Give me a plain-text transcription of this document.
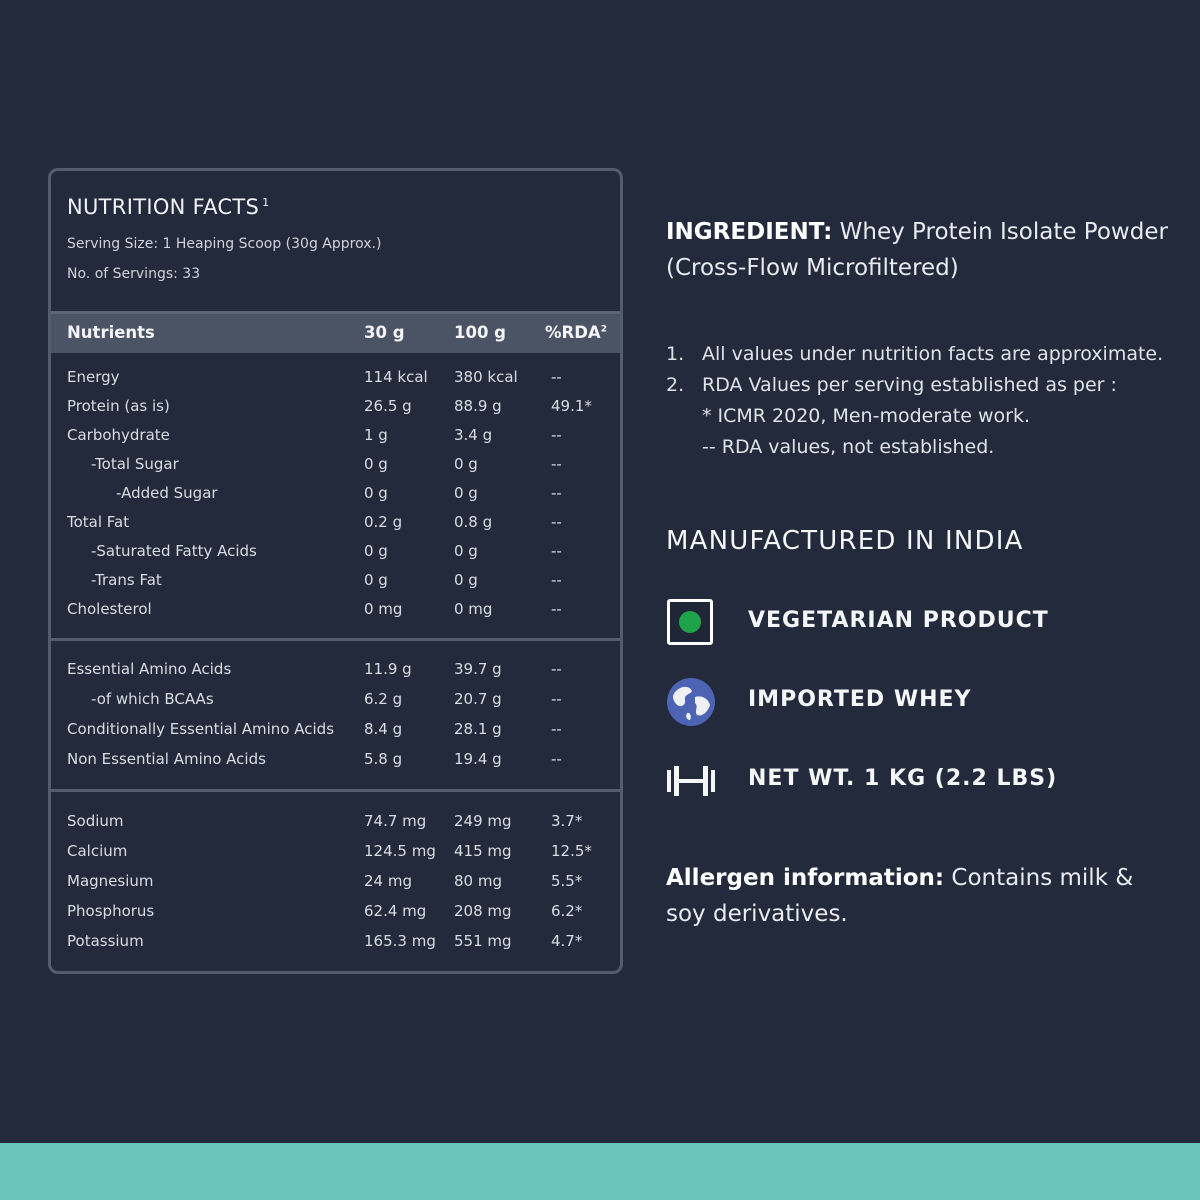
NUTRITION FACTS $^1$
Serving Size: 1 Heaping Scoop (30g Approx.)
No. of Servings: 33
Nutrients	30 g	100 g %RDA$^2$
Energy	114 kcal 380 kcal --
Protein (as is)	26.5 g	88.9 g	49.1*
Carbohydrate	1 g	3.4 g	--
-Total Sugar	0 g	0 g	--
-Added Sugar	0 g	0 g	--
Total Fat	0.2 g	0.8 g	--
-Saturated Fatty Acids	0 g	0 g	--
-Trans Fat	0 g	0 g	--
Cholesterol	0 mg	0 mg	--
Essential Amino Acids	11.9 g	39.7 g	--
-of which BCAAs	6.2 g	20.7 g	--
Conditionally Essential Amino Acids 8.4 g	28.1 g	--
Non Essential Amino Acids	5.8 g	19.4 g	--
Sodium	74.7 mg 249 mg	3.7*
Calcium	124.5 mg 415 mg	12.5*
Magnesium	24 mg	80 mg	5.5*
Phosphorus	62.4 mg 208 mg	6.2*
Potassium	165.3 mg 551 mg	4.7*
INGREDIENT: Whey Protein Isolate Powder (Cross-Flow Microfiltered)
1. All values under nutrition facts are approximate.
2. RDA Values per serving established as per :
* ICMR 2020, Men-moderate work.
-- RDA values, not established.
MANUFACTURED IN INDIA
VEGETARIAN PRODUCT
IMPORTED WHEY
NET WT. 1 KG (2.2 LBS)
Allergen information: Contains milk & soy derivatives.
